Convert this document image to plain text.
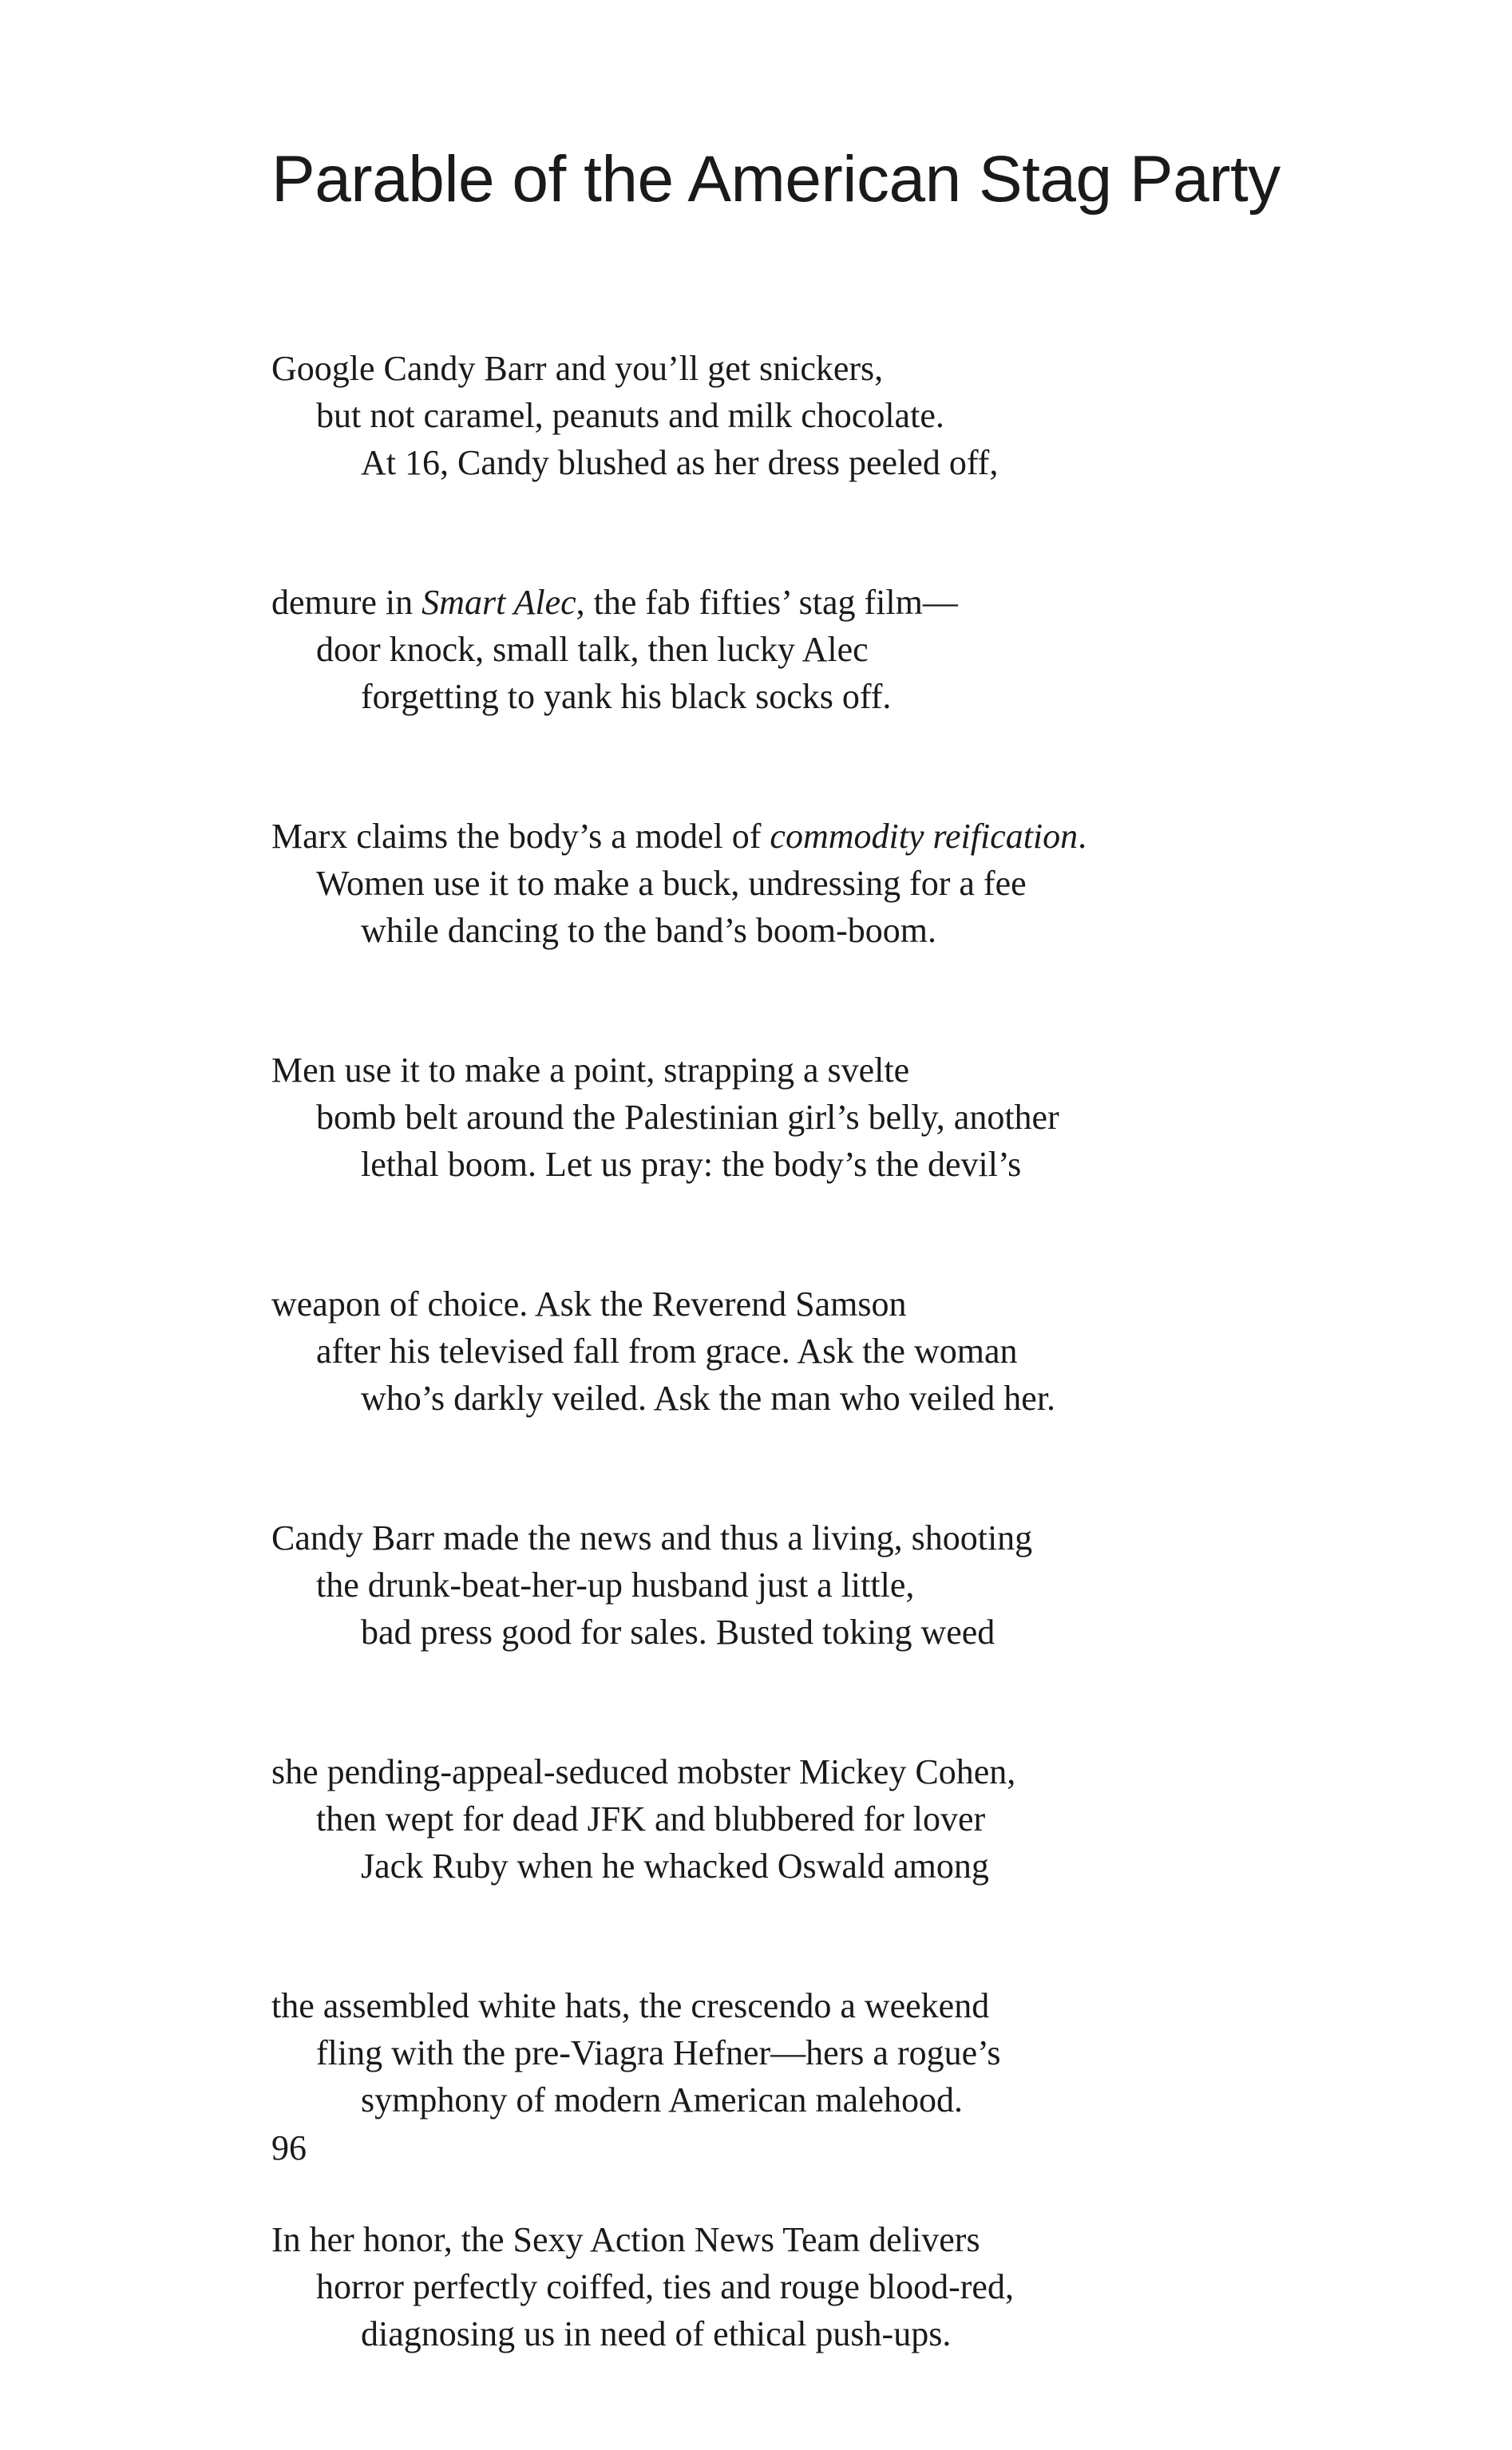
Parable of the American Stag Party
Google Candy Barr and you’ll get snickers,
but not caramel, peanuts and milk chocolate.
At 16, Candy blushed as her dress peeled off,
demure in Smart Alec, the fab fifties’ stag film—
door knock, small talk, then lucky Alec
forgetting to yank his black socks off.
Marx claims the body’s a model of commodity reification.
Women use it to make a buck, undressing for a fee
while dancing to the band’s boom-boom.
Men use it to make a point, strapping a svelte
bomb belt around the Palestinian girl’s belly, another
lethal boom. Let us pray: the body’s the devil’s
weapon of choice. Ask the Reverend Samson
after his televised fall from grace. Ask the woman
who’s darkly veiled. Ask the man who veiled her.
Candy Barr made the news and thus a living, shooting
the drunk-beat-her-up husband just a little,
bad press good for sales. Busted toking weed
she pending-appeal-seduced mobster Mickey Cohen,
then wept for dead JFK and blubbered for lover
Jack Ruby when he whacked Oswald among
the assembled white hats, the crescendo a weekend
fling with the pre-Viagra Hefner—hers a rogue’s
symphony of modern American malehood.
In her honor, the Sexy Action News Team delivers
horror perfectly coiffed, ties and rouge blood-red,
diagnosing us in need of ethical push-ups.
96
